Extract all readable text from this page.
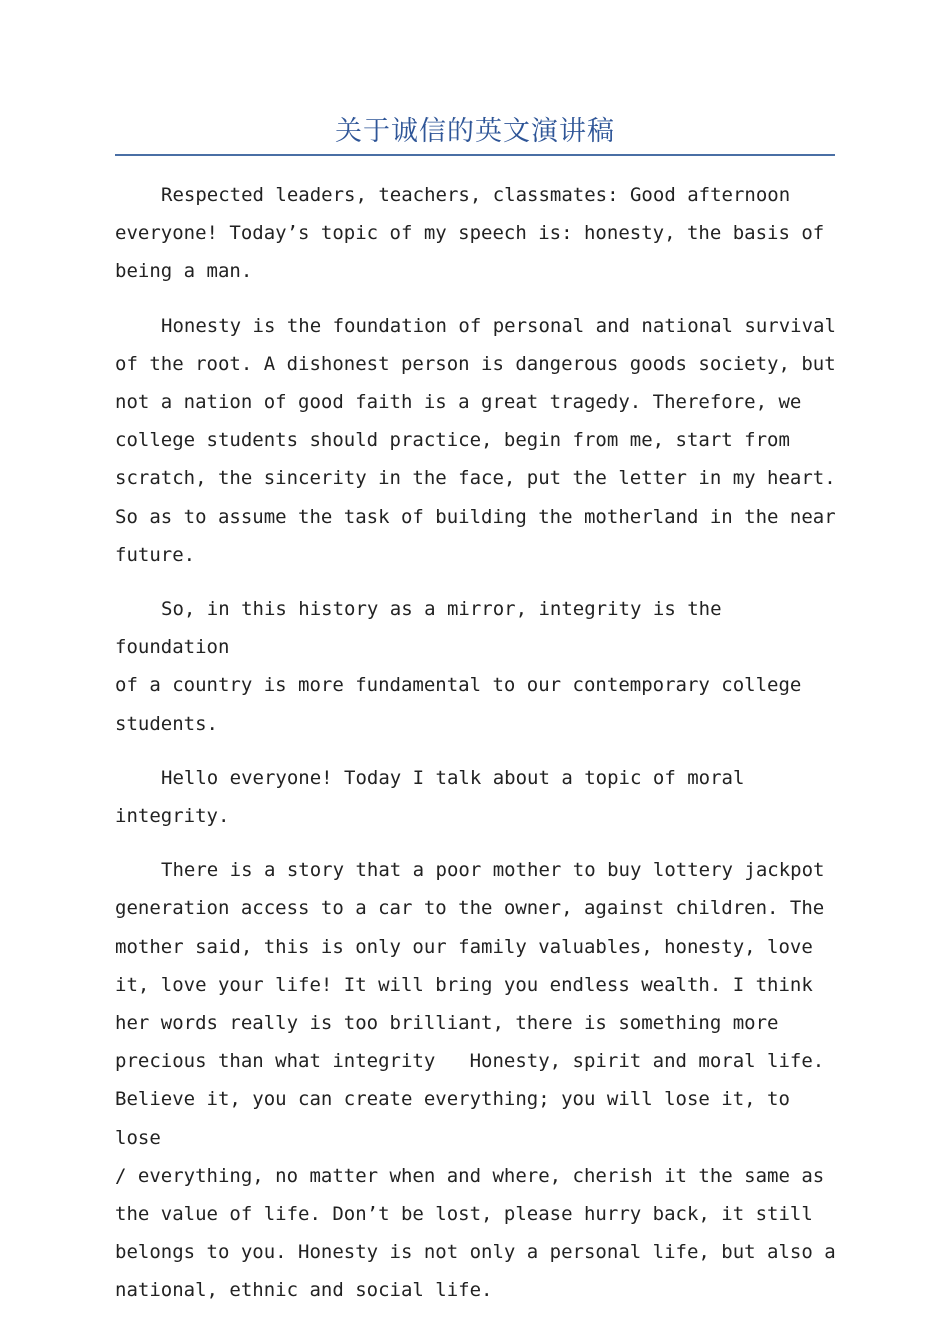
关于诚信的英文演讲稿

Respected leaders, teachers, classmates: Good afternoon
everyone! Today’s topic of my speech is: honesty, the basis of
being a man.

Honesty is the foundation of personal and national survival
of the root. A dishonest person is dangerous goods society, but
not a nation of good faith is a great tragedy. Therefore, we
college students should practice, begin from me, start from
scratch, the sincerity in the face, put the letter in my heart.
So as to assume the task of building the motherland in the near
future.

So, in this history as a mirror, integrity is the foundation
of a country is more fundamental to our contemporary college
students.

Hello everyone! Today I talk about a topic of moral
integrity.

There is a story that a poor mother to buy lottery jackpot
generation access to a car to the owner, against children. The
mother said, this is only our family valuables, honesty, love
it, love your life! It will bring you endless wealth. I think
her words really is too brilliant, there is something more
precious than what integrity   Honesty, spirit and moral life.
Believe it, you can create everything; you will lose it, to lose
/ everything, no matter when and where, cherish it the same as
the value of life. Don’t be lost, please hurry back, it still
belongs to you. Honesty is not only a personal life, but also a
national, ethnic and social life.
